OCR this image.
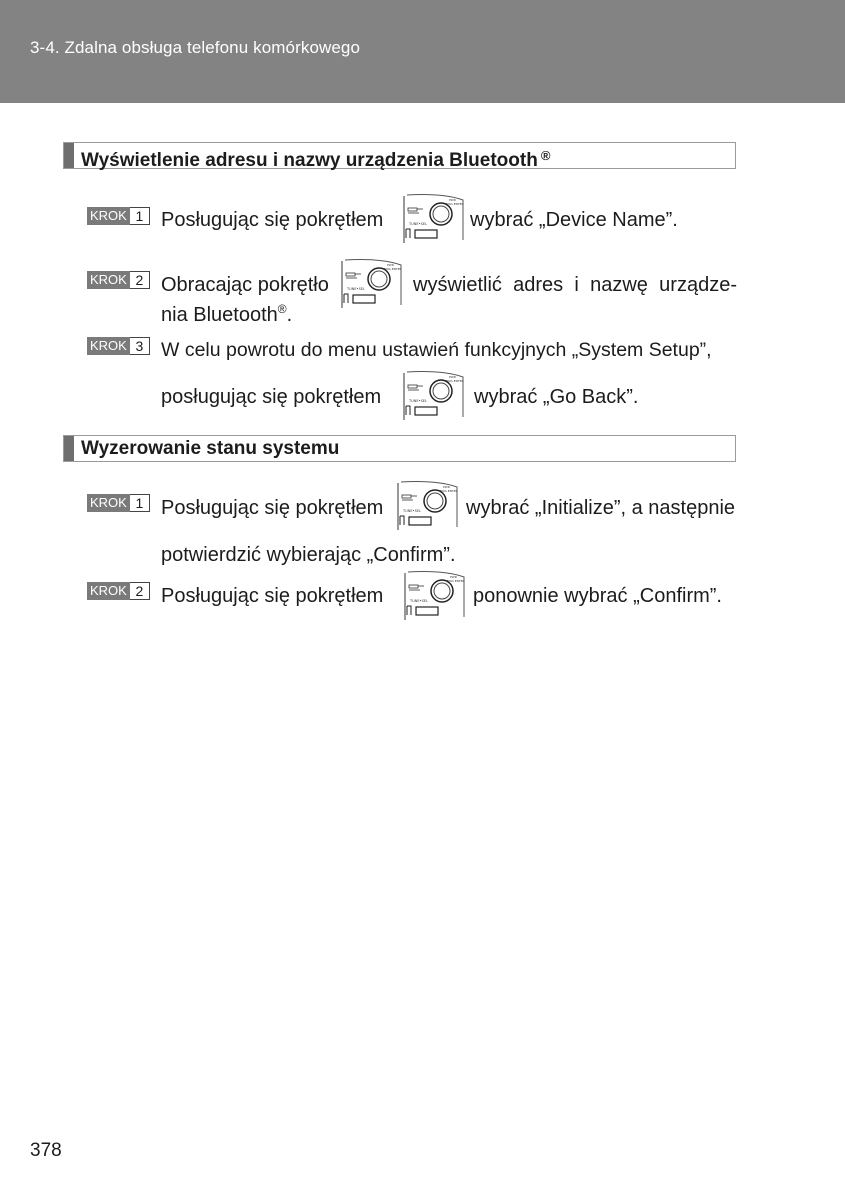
3-4. Zdalna obsługa telefonu komórkowego
Wyświetlenie adresu i nazwy urządzenia Bluetooth ®
KROK 1 Posługując się pokrętłem	wybrać „Device Name”.
KROK 2 Obracając pokrętło	wyświetlić adres i nazwę urządze-
nia Bluetooth®.
KROK 3 W celu powrotu do menu ustawień funkcyjnych „System Setup”,
posługując się pokrętłem	wybrać „Go Back”.
Wyzerowanie stanu systemu
KROK 1 Posługując się pokrętłem	wybrać „Initialize”, a następnie
potwierdzić wybierając „Confirm”.
KROK 2 Posługując się pokrętłem	ponownie wybrać „Confirm”.
378
